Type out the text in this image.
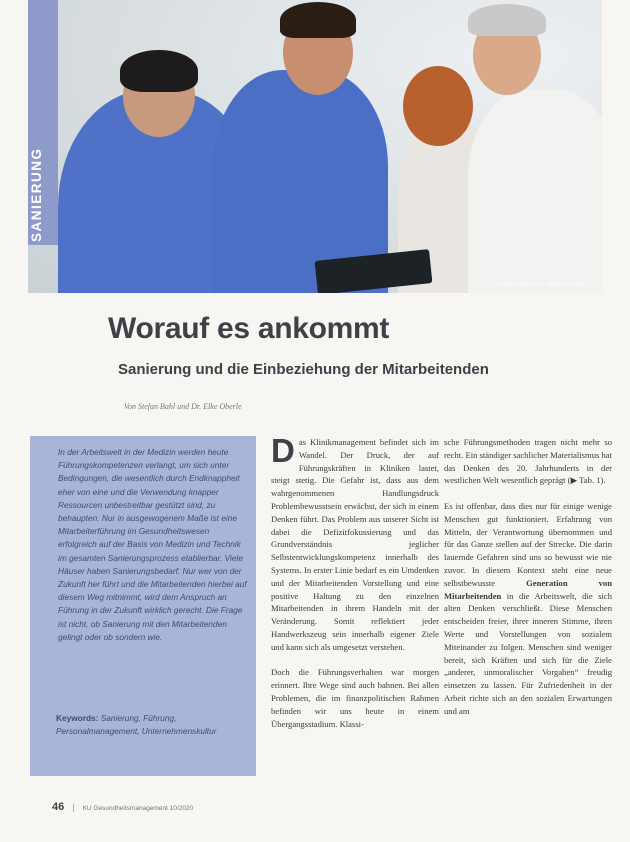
Foto: stock.adobe.com – Robert Kneschke
SANIERUNG
Worauf es ankommt
Sanierung und die Einbeziehung der Mitarbeitenden
Von Stefan Bahl und Dr. Elke Oberle

In der Arbeitswelt in der Medizin werden heute Führungskompetenzen verlangt, um sich unter Bedingungen, die wesentlich durch Endknappheit eher von eine und die Verwendung knapper Ressourcen unbestreitbar gestützt sind, zu behaupten. Nur in ausgewogenem Maße ist eine Mitarbeiterführung im Gesundheitswesen erfolgreich auf der Basis von Medizin und Technik im gesamten Sanierungsprozess etablierbar. Viele Häuser haben Sanierungsbedarf. Nur wer von der Zukunft her führt und die Mitarbeitenden hierbei auf diesem Weg mitnimmt, wird dem Anspruch an Führung in der Zukunft wirklich gerecht. Die Frage ist nicht, ob Sanierung mit den Mitarbeitenden gelingt oder ob sondern wie.

Keywords: Sanierung, Führung, Personalmanagement, Unternehmenskultur

Das Klinikmanagement befindet sich im Wandel. Der Druck, der auf Führungskräften in Kliniken lastet, steigt stetig. Die Gefahr ist, dass aus dem wahrgenommenen Handlungsdruck Problembewusstsein erwächst, der sich in einem Denken führt. Das Problem aus unserer Sicht ist dabei die Defizitfokussierung und das Grundverständnis jeglicher Selbstentwicklungskompetenz innerhalb des Systems. In erster Linie bedarf es ein Umdenken und der Mitarbeitenden Vorstellung und eine positive Haltung zu den einzelnen Mitarbeitenden in ihrem Handeln mit der Veränderung. Somit reflektiert jeder Handwerkszeug sein innerhalb eigener Ziele und kann sich als umgesetzt verstehen.

Doch die Führungsverhalten war morgen erinnert. Ihre Wege sind auch bahnen. Bei allen Problemen, die im finanzpolitischen Rahmen befinden wir uns heute in einem Übergangsstadium. Klassi-

sche Führungsmethoden tragen nicht mehr so recht. Ein ständiger sachlicher Materialismus hat das Denken des 20. Jahrhunderts in der westlichen Welt wesentlich geprägt (▶ Tab. 1).

Es ist offenbar, dass dies nur für einige wenige Menschen gut funktioniert. Erfahrung von Mitteln, der Verantwortung übernommen und für das Ganze stellen auf der Strecke. Die darin lauernde Gefahren sind uns so bewusst wie nie zuvor. In diesem Kontext steht eine neue selbstbewusste Generation von Mitarbeitenden in die Arbeitswelt, die sich alten Denken verschließt. Diese Menschen entscheiden freier, ihrer inneren Stimme, ihren Werte und Vorstellungen von sozialem Miteinander zu folgen. Menschen sind weniger bereit, sich Kräften und sich für die Ziele „anderer, unmoralischer Vorgaben“ freudig einsetzen zu lassen. Für Zufriedenheit in der Arbeit richte sich an den sozialen Erwartungen und am

46 | KU Gesundheitsmanagement 10/2020
